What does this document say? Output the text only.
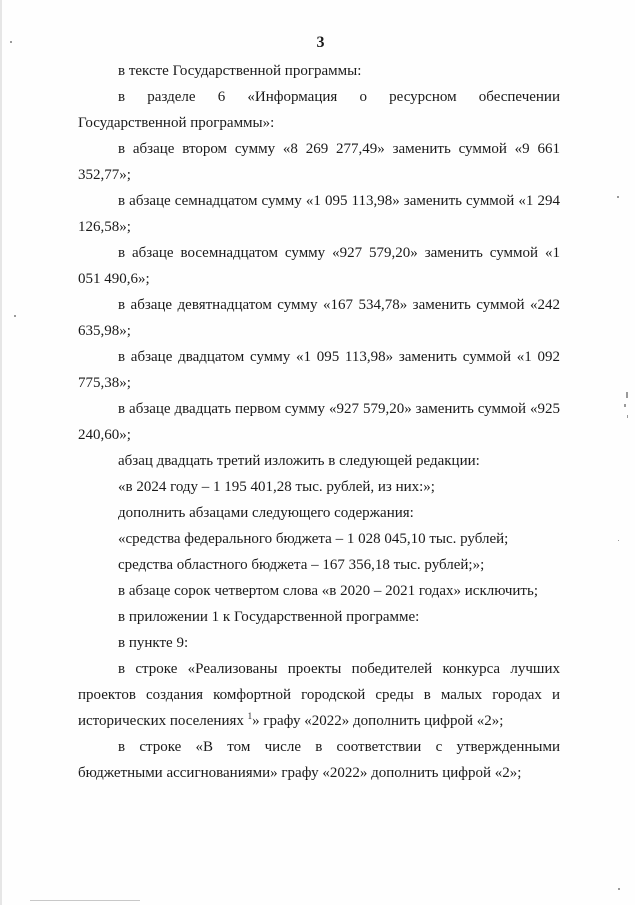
3

в тексте Государственной программы:

в разделе 6 «Информация о ресурсном обеспечении Государственной программы»:

в абзаце втором сумму «8 269 277,49» заменить суммой «9 661 352,77»;

в абзаце семнадцатом сумму «1 095 113,98» заменить суммой «1 294 126,58»;

в абзаце восемнадцатом сумму «927 579,20» заменить суммой «1 051 490,6»;

в абзаце девятнадцатом сумму «167 534,78» заменить суммой «242 635,98»;

в абзаце двадцатом сумму «1 095 113,98» заменить суммой «1 092 775,38»;

в абзаце двадцать первом сумму «927 579,20» заменить суммой «925 240,60»;

абзац двадцать третий изложить в следующей редакции:

«в 2024 году – 1 195 401,28 тыс. рублей, из них:»;

дополнить абзацами следующего содержания:

«средства федерального бюджета – 1 028 045,10 тыс. рублей;

средства областного бюджета – 167 356,18 тыс. рублей;»;

в абзаце сорок четвертом слова «в 2020 – 2021 годах» исключить;

в приложении 1 к Государственной программе:

в пункте 9:

в строке «Реализованы проекты победителей конкурса лучших проектов создания комфортной городской среды в малых городах и исторических поселениях $^1$» графу «2022» дополнить цифрой «2»;

в строке «В том числе в соответствии с утвержденными бюджетными ассигнованиями» графу «2022» дополнить цифрой «2»;
